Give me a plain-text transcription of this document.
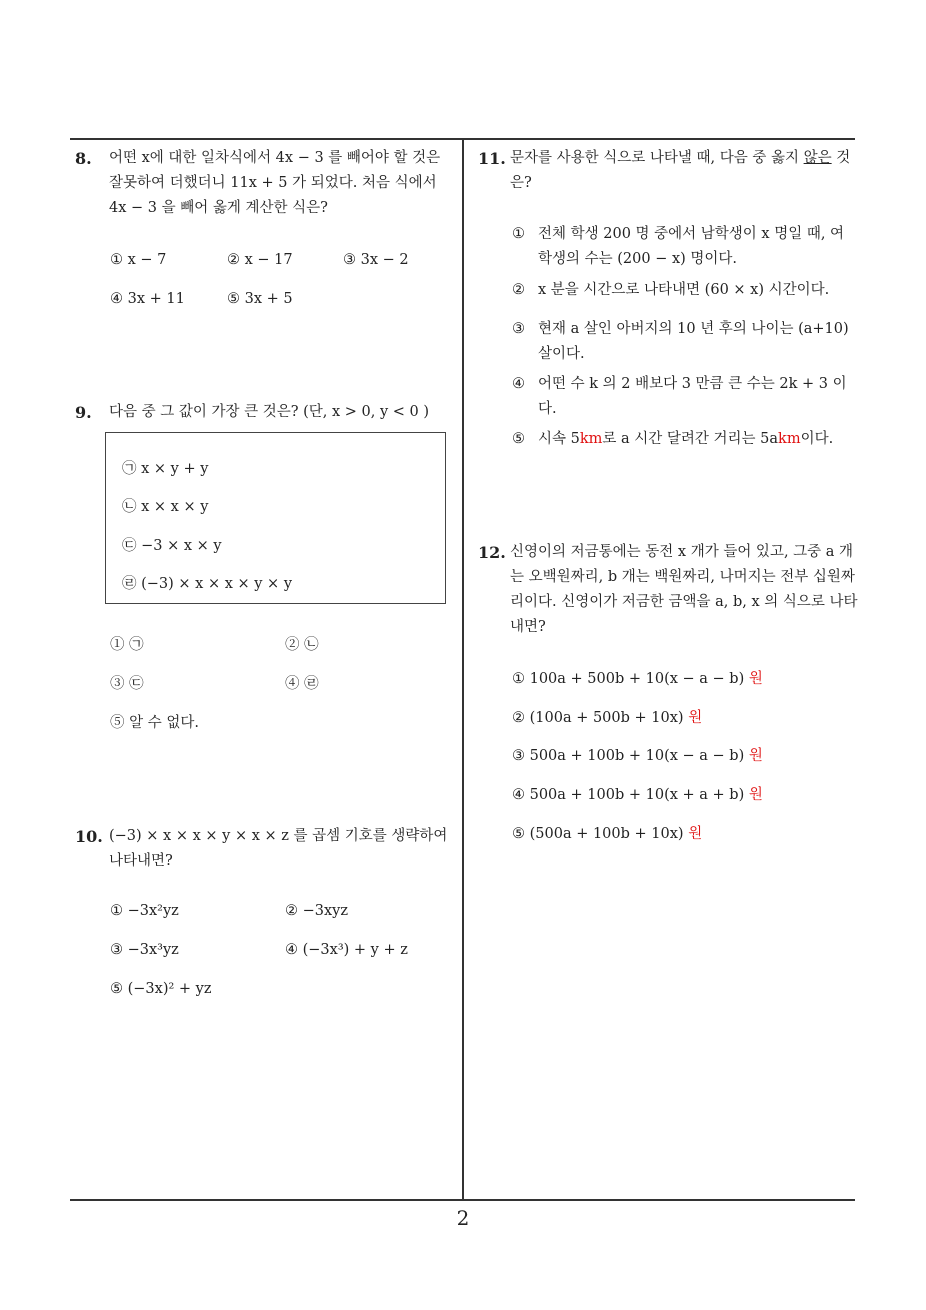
8. 어떤 x에 대한 일차식에서 4x − 3 를 빼어야 할 것은 잘못하여 더했더니 11x + 5 가 되었다. 처음 식에서 4x − 3 을 빼어 옳게 계산한 식은?
① x − 7	② x − 17	③ 3x − 2
④ 3x + 11	⑤ 3x + 5
9. 다음 중 그 값이 가장 큰 것은? (단, x > 0, y < 0 )
㉠ x × y + y
㉡ x × x × y
㉢ −3 × x × y
㉣ (−3) × x × x × y × y
① ㉠	② ㉡
③ ㉢	④ ㉣
⑤ 알 수 없다.
10. (−3) × x × x × y × x × z 를 곱셈 기호를 생략하여 나타내면?
① −3x²yz	② −3xyz
③ −3x³yz	④ (−3x³) + y + z
⑤ (−3x)² + yz
11. 문자를 사용한 식으로 나타낼 때, 다음 중 옳지 않은 것은?
① 전체 학생 200 명 중에서 남학생이 x 명일 때, 여학생의 수는 (200 − x) 명이다.
② x 분을 시간으로 나타내면 (60 × x) 시간이다.
③ 현재 a 살인 아버지의 10 년 후의 나이는 (a+10) 살이다.
④ 어떤 수 k 의 2 배보다 3 만큼 큰 수는 2k + 3 이다.
⑤ 시속 5km로 a 시간 달려간 거리는 5akm이다.
12. 신영이의 저금통에는 동전 x 개가 들어 있고, 그중 a 개는 오백원짜리, b 개는 백원짜리, 나머지는 전부 십원짜리이다. 신영이가 저금한 금액을 a, b, x 의 식으로 나타내면?
① 100a + 500b + 10(x − a − b) 원
② (100a + 500b + 10x) 원
③ 500a + 100b + 10(x − a − b) 원
④ 500a + 100b + 10(x + a + b) 원
⑤ (500a + 100b + 10x) 원
2
